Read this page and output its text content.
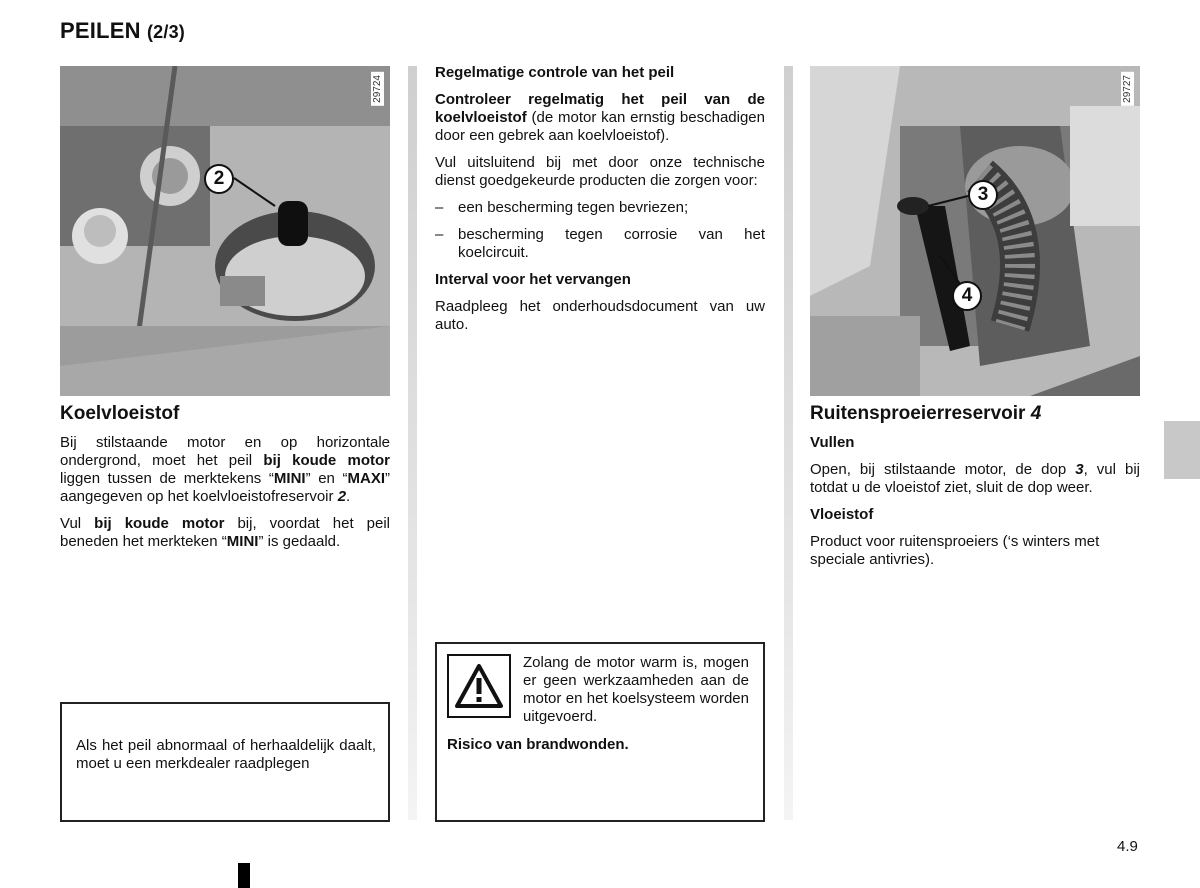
PEILEN (2/3)
29724
2
Koelvloeistof

Bij stilstaande motor en op horizontale ondergrond, moet het peil bij koude motor liggen tussen de merktekens “MINI” en “MAXI” aangegeven op het koelvloeistofreservoir 2.

Vul bij koude motor bij, voordat het peil beneden het merkteken “MINI” is gedaald.

Als het peil abnormaal of herhaaldelijk daalt, moet u een merkdealer raadplegen

Regelmatige controle van het peil

Controleer regelmatig het peil van de koelvloeistof (de motor kan ernstig beschadigen door een gebrek aan koelvloeistof).

Vul uitsluitend bij met door onze technische dienst goedgekeurde producten die zorgen voor:

– een bescherming tegen bevriezen;
– bescherming tegen corrosie van het koelcircuit.
Interval voor het vervangen

Raadpleeg het onderhoudsdocument van uw auto.

Zolang de motor warm is, mogen er geen werkzaamheden aan de motor en het koelsysteem worden uitgevoerd.

Risico van brandwonden.
29727
3
4
Ruitensproeierreservoir 4
Vullen

Open, bij stilstaande motor, de dop 3, vul bij totdat u de vloeistof ziet, sluit de dop weer.

Vloeistof

Product voor ruitensproeiers (‘s winters met speciale antivries).

4.9
